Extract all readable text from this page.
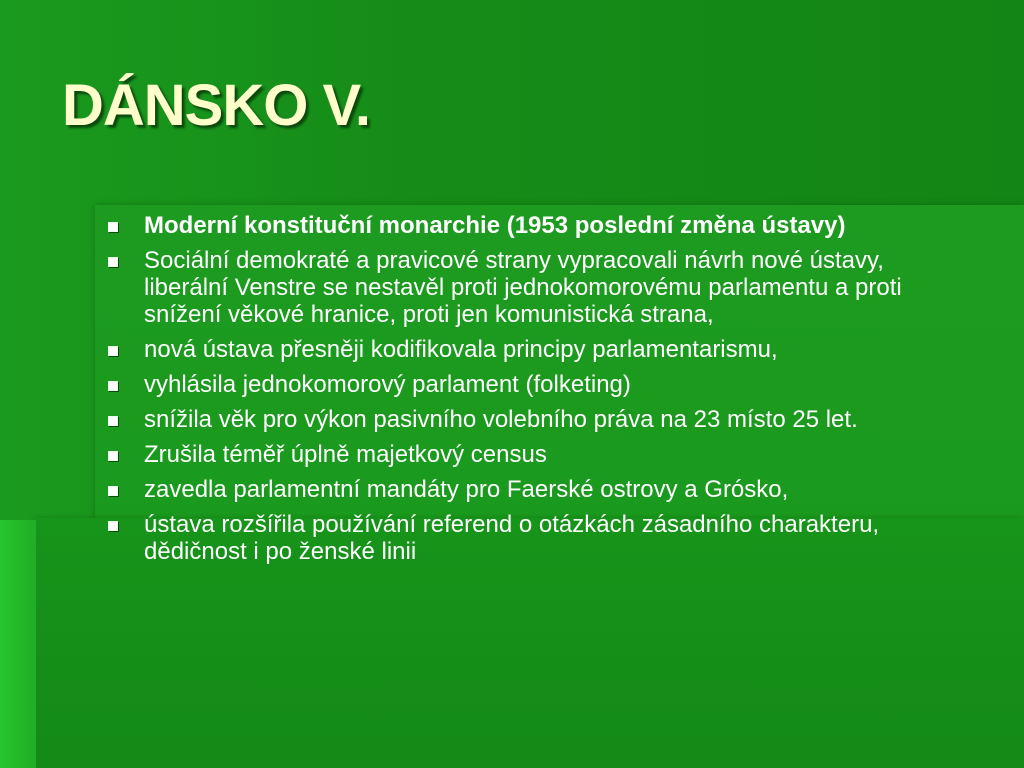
DÁNSKO V.
Moderní konstituční monarchie (1953 poslední změna ústavy)
Sociální demokraté a pravicové strany vypracovali návrh nové ústavy, liberální Venstre se nestavěl proti jednokomorovému parlamentu a proti snížení věkové hranice, proti jen komunistická strana,
nová ústava přesněji kodifikovala principy parlamentarismu,
vyhlásila jednokomorový parlament (folketing)
snížila věk pro výkon pasivního volebního práva na 23 místo 25 let.
Zrušila téměř úplně majetkový census
zavedla parlamentní mandáty pro Faerské ostrovy a Grósko,
ústava rozšířila používání referend o otázkách zásadního charakteru, dědičnost i po ženské linii
